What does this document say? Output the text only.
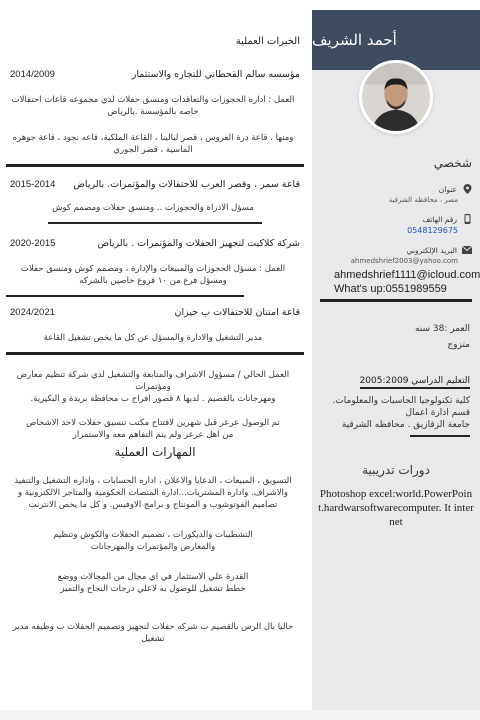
أحمد الشريف
شخصي
عنوان
مصر ، محافظة الشرقية
رقم الهاتف
0548129675
البريد الإلكتروني
ahmedshrief2003@yahoo.com
ahmedshrief1111@icloud.com
What's up:0551989559
العمر :38 سنه
متزوج
التعليم الدراسي 2005:2009
كلية تكنولوجيا الحاسبات والمعلومات.
قسم ادارة اعمال
جامعة الزقازيق . محافظه الشرقية
دورات تدريبية
Photoshop excel:world.PowerPoint.hardwarsoftwarecomputer. It internet
الخبرات العملية
مؤسسه سالم القحطاني للتجاره والاستثمار
2014/2009
العمل : اداره الحجوزات والتعاقدات ومنسق حفلات لدي مجموعه قاعات احتفالات
خاصه بالمؤسسة .بالرياض
ومنها ، قاعة درة العروس ، قصر ليالينا ، القاعة الملكية، قاعه نجود ، قاعة جوهره
الماسية ، قصر الجوري
قاعة سمر ، وقصر العرب للاحتفالات والمؤتمرات. بالرياض
2015-2014
مسؤل الادراة والحجوزات .. ومنسق حفلات ومصمم كوش
شركة كلاكيت لتجهيز الحفلات والمؤتمرات . بالرياض
2020-2015
العمل : مسؤل الحجوزات والمبيعات والإدارة ، ومصمم كوش ومنسق حفلات
ومسؤل فرع من ١٠ فروع خاصين بالشركه
قاعة امتنان للاحتفالات ب جيزان
2024/2021
مدير التشغيل والادارة والمسؤل عن كل ما يخص تشغيل القاعة
العمل الحالي / مسؤول الاشراف والمتابعة والتشغيل لدي شركة تنظيم معارض ومؤتمرات
ومهرجانات بالقصيم . لديها ٨ قصور افراح ب محافظة بريدة و البكيرية.
تم الوصول عرعر قبل شهرين لافتتاح مكتب تنسيق حفلات لاحد الاشخاص
من اهل عرعر ولم يتم التفاهم معه والاستمرار
المهارات العملية
التسويق ، المبيعات ، الدعايا والاعلان ، اداره الحسابات ، واداره التشغيل والتنفيذ
والاشراف. واداره المشتريات...ادارة المنصات الحكومية والمتاجر الالكترونية و
تصاميم الفوتوشوب و المونتاج و برامج الاوفيس. و كل ما يخص الانترنت
التشطيبات والديكورات ، تصميم الحفلات والكوش وتنظيم
والمعارض والمؤتمرات والمهرجانات
القدرة علي الاستثمار في اي مجال من المجالات ووضع
خطط تشغيل للوصول به لاعلي درجات النجاح والتميز
حاليا بال الرس بالقصيم ب شركه حفلات لتجهيز وتصميم الحفلات ب وظيفه مدير
تشغيل
